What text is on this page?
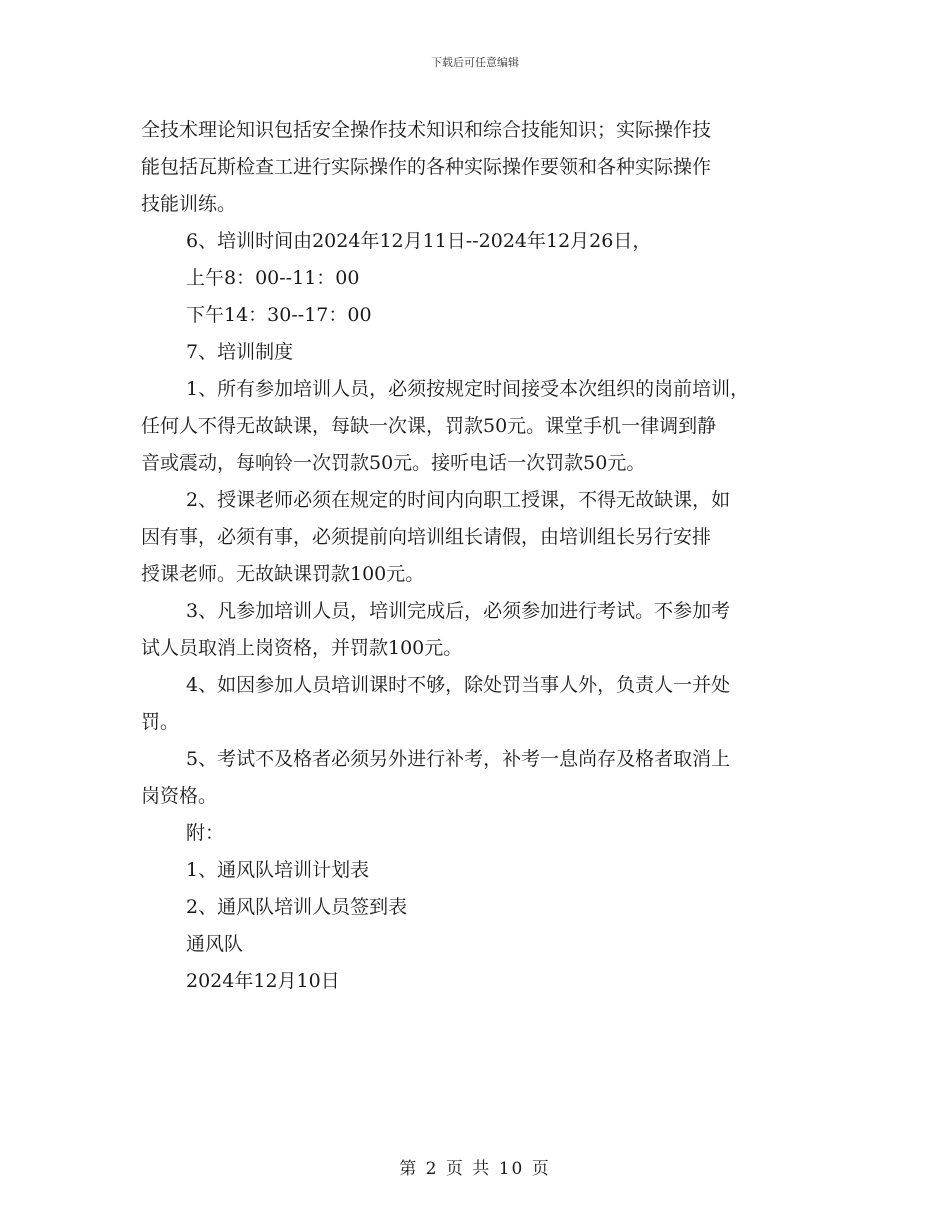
下载后可任意编辑
全技术理论知识包括安全操作技术知识和综合技能知识；实际操作技
能包括瓦斯检查工进行实际操作的各种实际操作要领和各种实际操作
技能训练。
6、培训时间由2024年12月11日--2024年12月26日，
上午8：00--11：00
下午14：30--17：00
7、培训制度
1、所有参加培训人员，必须按规定时间接受本次组织的岗前培训，
任何人不得无故缺课，每缺一次课，罚款50元。课堂手机一律调到静
音或震动，每响铃一次罚款50元。接听电话一次罚款50元。
2、授课老师必须在规定的时间内向职工授课，不得无故缺课，如
因有事，必须有事，必须提前向培训组长请假，由培训组长另行安排
授课老师。无故缺课罚款100元。
3、凡参加培训人员，培训完成后，必须参加进行考试。不参加考
试人员取消上岗资格，并罚款100元。
4、如因参加人员培训课时不够，除处罚当事人外，负责人一并处
罚。
5、考试不及格者必须另外进行补考，补考一息尚存及格者取消上
岗资格。
附：
1、通风队培训计划表
2、通风队培训人员签到表
通风队
2024年12月10日
第 2 页 共 10 页
